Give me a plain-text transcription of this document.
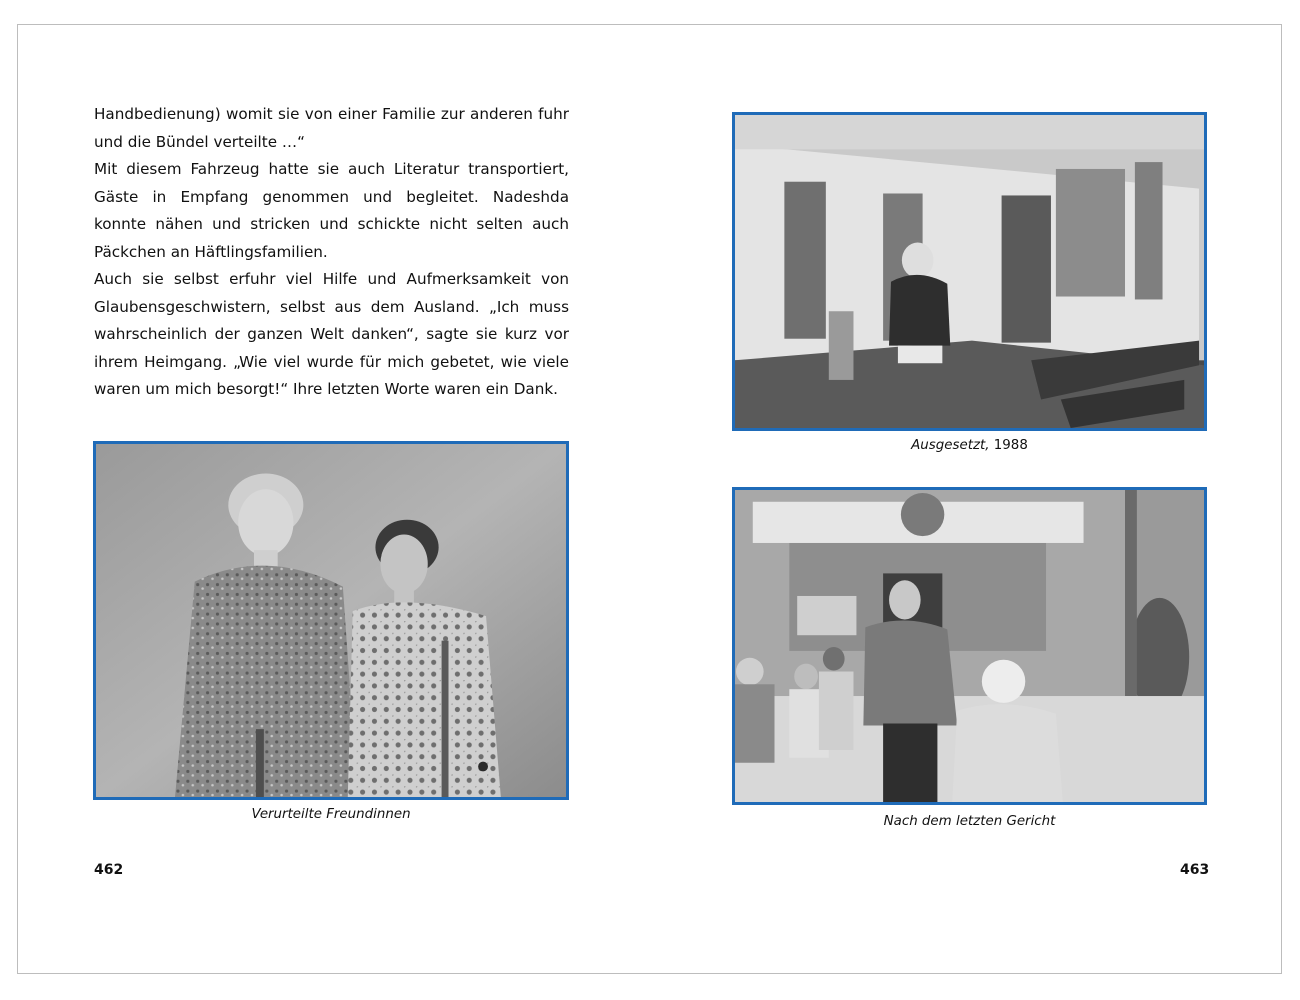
Handbedienung) womit sie von einer Familie zur anderen fuhr und die Bündel verteilte …“

Mit diesem Fahrzeug hatte sie auch Literatur transportiert, Gäste in Empfang genommen und begleitet. Nadeshda konnte nähen und stricken und schickte nicht selten auch Päckchen an Häftlingsfamilien.

Auch sie selbst erfuhr viel Hilfe und Aufmerksamkeit von Glaubensgeschwistern, selbst aus dem Ausland. „Ich muss wahrscheinlich der ganzen Welt danken“, sagte sie kurz vor ihrem Heimgang. „Wie viel wurde für mich gebetet, wie viele waren um mich besorgt!“ Ihre letzten Worte waren ein Dank.

Verurteilte Freundinnen
Ausgesetzt, 1988
Nach dem letzten Gericht
462	463
